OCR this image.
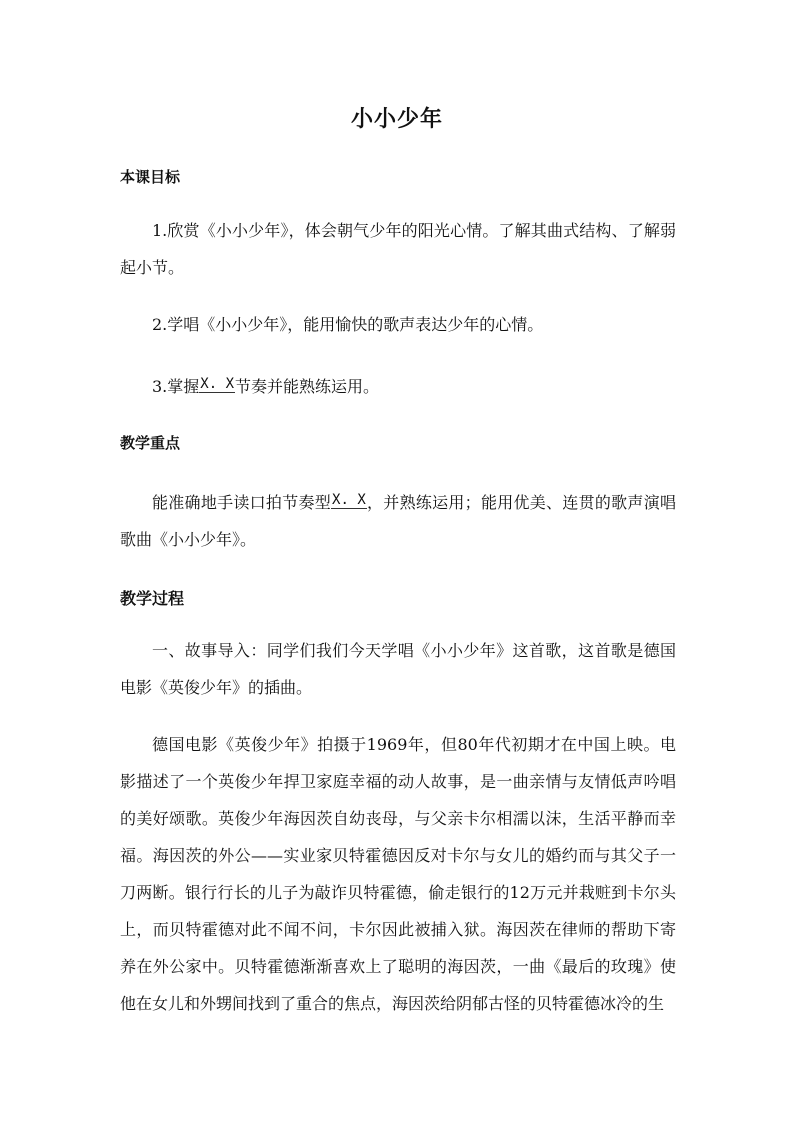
小小少年
本课目标

1.欣赏《小小少年》，体会朝气少年的阳光心情。了解其曲式结构、了解弱起小节。

2.学唱《小小少年》，能用愉快的歌声表达少年的心情。

3.掌握X. X节奏并能熟练运用。

教学重点

能准确地手读口拍节奏型X. X，并熟练运用；能用优美、连贯的歌声演唱歌曲《小小少年》。

教学过程

一、故事导入：同学们我们今天学唱《小小少年》这首歌，这首歌是德国电影《英俊少年》的插曲。

德国电影《英俊少年》拍摄于1969年，但80年代初期才在中国上映。电影描述了一个英俊少年捍卫家庭幸福的动人故事，是一曲亲情与友情低声吟唱的美好颂歌。英俊少年海因茨自幼丧母，与父亲卡尔相濡以沫，生活平静而幸福。海因茨的外公——实业家贝特霍德因反对卡尔与女儿的婚约而与其父子一刀两断。银行行长的儿子为敲诈贝特霍德，偷走银行的12万元并栽赃到卡尔头上，而贝特霍德对此不闻不问，卡尔因此被捕入狱。海因茨在律师的帮助下寄养在外公家中。贝特霍德渐渐喜欢上了聪明的海因茨，一曲《最后的玫瑰》使他在女儿和外甥间找到了重合的焦点，海因茨给阴郁古怪的贝特霍德冰冷的生
